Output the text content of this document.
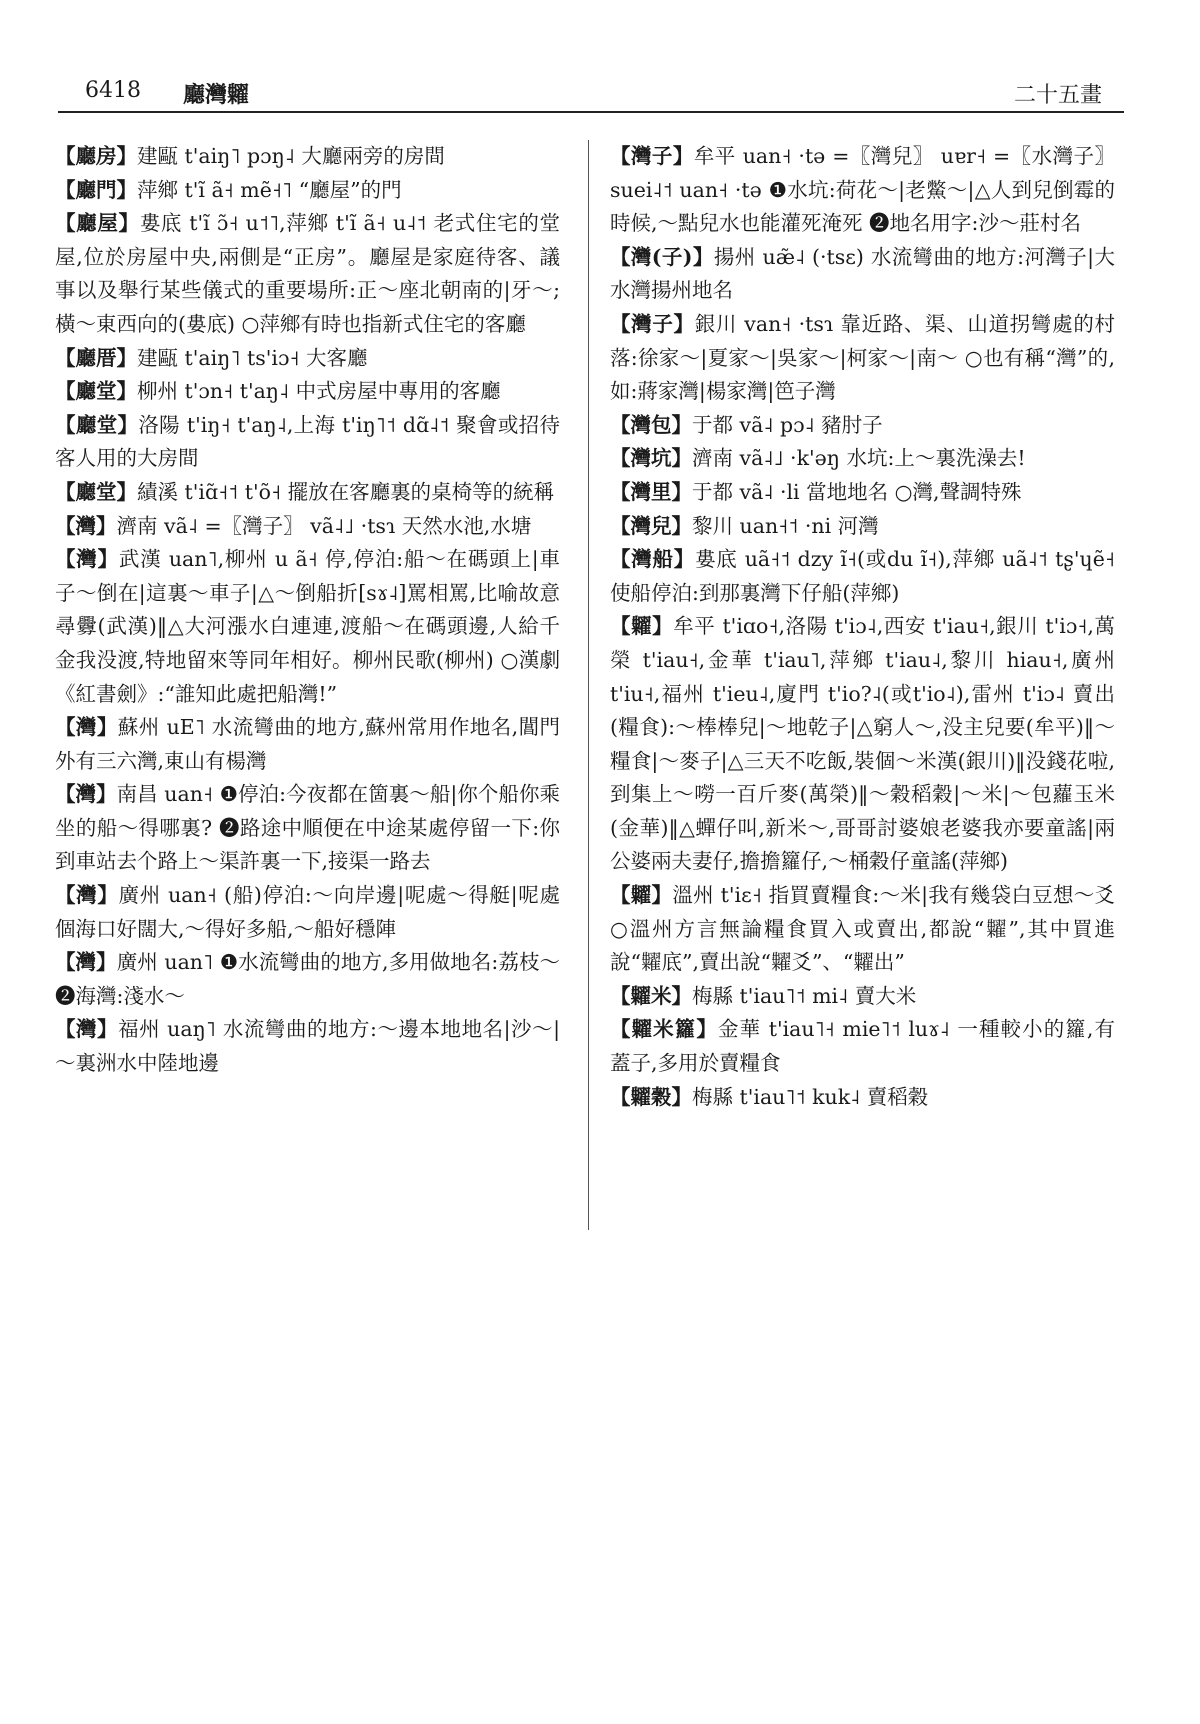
6418 廳灣糶	二十五畫

【廳房】建甌 t'aiŋ˥ pɔŋ˨ 大廳兩旁的房間

【廳門】萍鄉 t'ĩ ã˧ mẽ˧˥ “廳屋”的門

【廳屋】婁底 t'ĩ ɔ̃˧ u˦˥,萍鄉 t'ĩ ã˧ u˨˦ 老式住宅的堂屋,位於房屋中央,兩側是“正房”。廳屋是家庭待客、議事以及舉行某些儀式的重要場所:正～座北朝南的|牙～;橫～東西向的(婁底) ○萍鄉有時也指新式住宅的客廳

【廳厝】建甌 t'aiŋ˥ ts'iɔ˧ 大客廳

【廳堂】柳州 t'ɔn˧ t'aŋ˨ 中式房屋中專用的客廳

【廳堂】洛陽 t'iŋ˧ t'aŋ˨,上海 t'iŋ˥˦ dɑ̃˨˦ 聚會或招待客人用的大房間

【廳堂】績溪 t'iɑ̃˧˦ t'õ˧ 擺放在客廳裏的桌椅等的統稱

【灣】濟南 vã˨ =〖灣子〗 vã˨˩ ·tsɿ 天然水池,水塘

【灣】武漢 uan˥,柳州 u ã˧ 停,停泊:船～在碼頭上|車子～倒在|這裏～車子|△～倒船折[sɤ˨]罵相罵,比喻故意尋釁(武漢)‖△大河漲水白連連,渡船～在碼頭邊,人給千金我没渡,特地留來等同年相好。柳州民歌(柳州) ○漢劇《紅書劍》:“誰知此處把船灣!”

【灣】蘇州 uE˥ 水流彎曲的地方,蘇州常用作地名,閶門外有三六灣,東山有楊灣

【灣】南昌 uan˧ ❶停泊:今夜都在箇裏～船|你个船你乘坐的船～得哪裏? ❷路途中順便在中途某處停留一下:你到車站去个路上～渠許裏一下,接渠一路去

【灣】廣州 uan˧ (船)停泊:～向岸邊|呢處～得艇|呢處個海口好闊大,～得好多船,～船好穩陣

【灣】廣州 uan˥ ❶水流彎曲的地方,多用做地名:荔枝～ ❷海灣:淺水～

【灣】福州 uaŋ˥ 水流彎曲的地方:～邊本地地名|沙～|～裏洲水中陸地邊

【灣子】牟平 uan˧ ·tə =〖灣兒〗 uɐr˧ =〖水灣子〗 suei˨˦ uan˧ ·tə ❶水坑:荷花～|老鱉～|△人到兒倒霉的時候,～點兒水也能灌死淹死 ❷地名用字:沙～莊村名

【灣(子)】揚州 uæ̃˨ (·tsɛ) 水流彎曲的地方:河灣子|大水灣揚州地名

【灣子】銀川 van˧ ·tsɿ 靠近路、渠、山道拐彎處的村落:徐家～|夏家～|吳家～|柯家～|南～ ○也有稱“灣”的,如:蔣家灣|楊家灣|笆子灣

【灣包】于都 vã˨ pɔ˨ 豬肘子

【灣坑】濟南 vã˨˩ ·k'əŋ 水坑:上～裏洗澡去!

【灣里】于都 vã˨ ·li 當地地名 ○灣,聲調特殊

【灣兒】黎川 uan˧˦ ·ni 河灣

【灣船】婁底 uã˧˦ dzy ĩ˧(或du ĩ˧),萍鄉 uã˨˦ tʂ'ɥẽ˧ 使船停泊:到那裏灣下仔船(萍鄉)

【糶】牟平 t'iɑo˧,洛陽 t'iɔ˨,西安 t'iau˧,銀川 t'iɔ˧,萬榮 t'iau˧,金華 t'iau˥,萍鄉 t'iau˨,黎川 hiau˧,廣州 t'iu˧,福州 t'ieu˨,廈門 t'io?˨(或t'io˨),雷州 t'iɔ˨ 賣出(糧食):～棒棒兒|～地乾子|△窮人～,没主兒要(牟平)‖～糧食|～麥子|△三天不吃飯,裝個～米漢(銀川)‖没錢花啦,到集上～嘮一百斤麥(萬榮)‖～穀稻穀|～米|～包蘿玉米(金華)‖△蟬仔叫,新米～,哥哥討婆娘老婆我亦要童謠|兩公婆兩夫妻仔,擔擔籮仔,～桶穀仔童謠(萍鄉)

【糶】溫州 t'iɛ˧ 指買賣糧食:～米|我有幾袋白豆想～爻 ○溫州方言無論糧食買入或賣出,都說“糶”,其中買進說“糶底”,賣出說“糶爻”、“糶出”

【糶米】梅縣 t'iau˥˦ mi˨ 賣大米

【糶米籮】金華 t'iau˥˧ mie˥˦ luɤ˨ 一種較小的籮,有蓋子,多用於賣糧食

【糶穀】梅縣 t'iau˥˦ kuk˨ 賣稻穀
